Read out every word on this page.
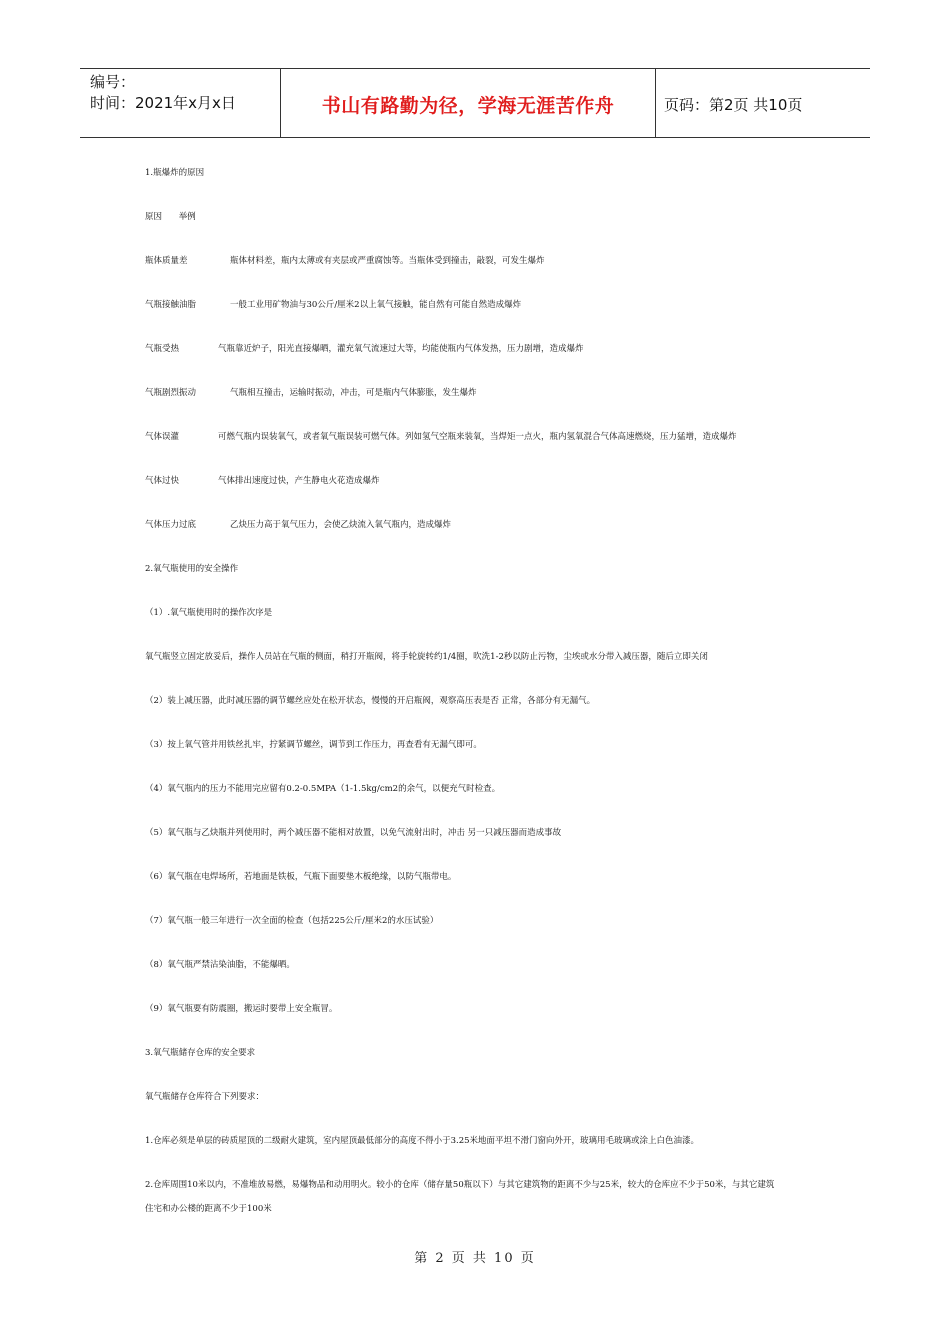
编号：
时间：2021年x月x日	书山有路勤为径，学海无涯苦作舟	页码：第2页 共10页
1.瓶爆炸的原因
原因 举例
瓶体质量差	瓶体材料差，瓶内太薄或有夹层或严重腐蚀等。当瓶体受到撞击，敲裂，可发生爆炸
气瓶接触油脂	一般工业用矿物油与30公斤/厘米2以上氧气接触，能自然有可能自然造成爆炸
气瓶受热	气瓶靠近炉子，阳光直接爆晒，灌充氧气流速过大等，均能使瓶内气体发热，压力剧增，造成爆炸
气瓶剧烈振动	气瓶相互撞击，运输时振动，冲击，可是瓶内气体膨胀，发生爆炸
气体误灌	可燃气瓶内误装氧气，或者氧气瓶误装可燃气体。列如氢气空瓶来装氧，当焊矩一点火，瓶内氢氧混合气体高速燃烧，压力猛增，造成爆炸
气体过快	气体排出速度过快，产生静电火花造成爆炸
气体压力过底	乙炔压力高于氧气压力，会使乙炔流入氧气瓶内，造成爆炸
2.氧气瓶使用的安全操作
（1）.氧气瓶使用时的操作次序是
氧气瓶竖立固定放妥后，操作人员站在气瓶的侧面，稍打开瓶阀，将手轮旋转约1/4圈，吹洗1-2秒以防止污物，尘埃或水分带入减压器，随后立即关闭
（2）装上减压器，此时减压器的调节螺丝应处在松开状态，慢慢的开启瓶阀，观察高压表是否 正常，各部分有无漏气。
（3）按上氧气管并用铁丝扎牢，拧紧调节螺丝，调节到工作压力，再查看有无漏气即可。
（4）氧气瓶内的压力不能用完应留有0.2-0.5MPA（1-1.5kg/cm2的余气，以便充气时检查。
（5）氧气瓶与乙炔瓶并列使用时，两个减压器不能相对放置，以免气流射出时，冲击 另一只减压器而造成事故
（6）氧气瓶在电焊场所，若地面是铁板，气瓶下面要垫木板绝缘，以防气瓶带电。
（7）氧气瓶一般三年进行一次全面的检查（包括225公斤/厘米2的水压试验）
（8）氧气瓶严禁沾染油脂，不能爆晒。
（9）氧气瓶要有防震圈，搬运时要带上安全瓶冒。
3.氧气瓶储存仓库的安全要求
氧气瓶储存仓库符合下列要求：
1.仓库必须是单层的砖质屋顶的二级耐火建筑，室内屋顶最低部分的高度不得小于3.25米地面平坦不滑门窗向外开，玻璃用毛玻璃或涂上白色油漆。
2.仓库周围10米以内，不准堆放易燃，易爆物品和动用明火。较小的仓库（储存量50瓶以下）与其它建筑物的距离不少与25米，较大的仓库应不少于50米，与其它建筑
住宅和办公楼的距离不少于100米
第 2 页 共 10 页
